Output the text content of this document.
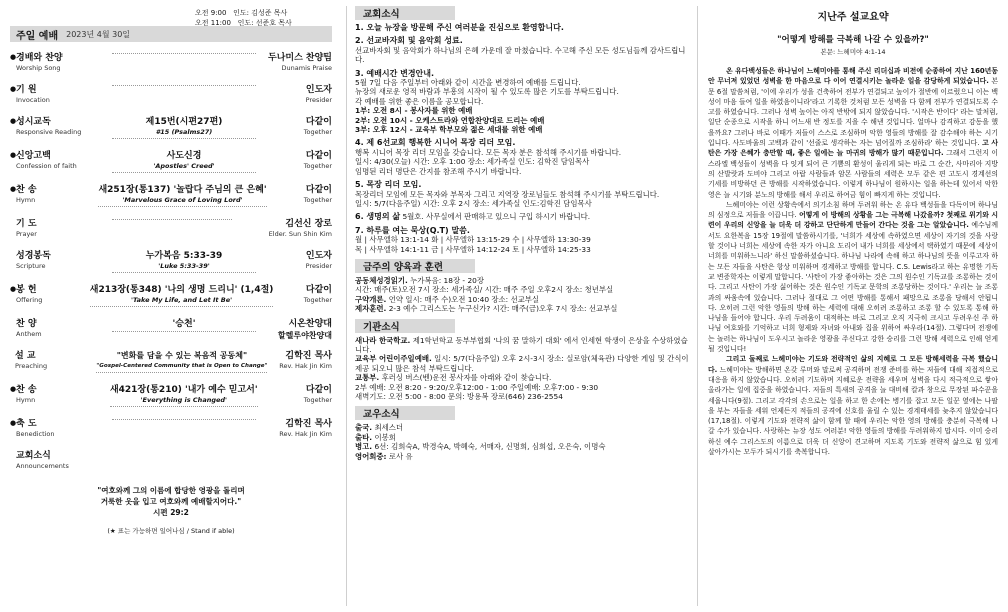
주일 예배 2023년 4월 30일
오전 9:00 인도: 김성준 목사
오전 11:00 인도: 선준호 목사
● 경배와 찬양
Worship Song
두나미스 찬양팀
Dunamis Praise
● 기 원
Invocation
인도자
Presider
● 성시교독
Responsive Reading
제15번(시편27편)
#15 (Psalms27)
다같이
Together
● 신앙고백
Confession of faith
사도신경
'Apostles' Creed'
다같이
Together
● 찬 송
Hymn
새251장(통137) '놀랍다 주님의 큰 은혜'
'Marvelous Grace of Loving Lord'
다같이
Together

기 도
Prayer
김선신 장로
Elder. Sun Shin Kim

성경봉독
Scripture
누가복음 5:33-39
'Luke 5:33-39'
인도자
Presider
● 봉 헌
Offering
새213장(통348) '나의 생명 드리니' (1,4절)
'Take My Life, and Let It Be'
다같이
Together

찬 양
Anthem
'승천'	시온찬양대
할렐루야찬양대

설 교
Preaching
"변화를 담을 수 있는 복음적 공동체"
"Gospel-Centered Community that is Open to Change"
김학진 목사
Rev. Hak Jin Kim
● 찬 송
Hymn
새421장(통210) '내가 예수 믿고서'
'Everything is Changed'
다같이
Together
● 축 도
Benediction
김학진 목사
Rev. Hak Jin Kim

교회소식
Announcements
"여호와께 그의 이름에 합당한 영광을 돌리며
거룩한 옷을 입고 여호와께 예배할지어다."
시편 29:2
(★ 표는 가능하면 일어나심 / Stand if able)
교회소식
1. 오늘 뉴장을 방문해 주신 여러분을 진심으로 환영합니다.
2. 선교바자회 및 음악회 성료.
선교바자회 및 음악회가 하나님의 은혜 가운데 잘 마쳤습니다. 수고해 주신 모든 성도님들께 감사드립니다.
3. 예배시간 변경안내.
5월 7일 다음 주일부터 아래와 같이 시간을 변경하여 예배를 드립니다.
뉴장의 새로운 영적 바람과 부흥의 시작이 될 수 있도록 많은 기도를 부탁드립니다.
각 예배를 위한 좋은 이름을 공모합니다.
1부: 오전 8시 - 봉사자를 위한 예배
2부: 오전 10시 - 오케스트라와 연합찬양대로 드리는 예배
3부: 오후 12시 - 교육부 학부모와 젊은 세대를 위한 예배
4. 제 6선교회 행복한 시니어 목장 리더 모임.
행복 시니어 목장 리더 모임을 갖습니다. 모든 목자 분은 참석해 주시기를 바랍니다.
일시: 4/30(오늘) 시간: 오후 1:00 장소: 세가족실 인도: 김학진 담임목사
임명된 리더 명단은 간지를 참조해 주시기 바랍니다.
5. 목장 리더 모임.
목장리더 모임에 모든 목자와 부목자 그리고 지역장 장로님들도 참석해 주시기를 부탁드립니다.
일시: 5/7(다음주일) 시간: 오후 2시 장소: 세가족실 인도:김학진 담임목사
6. 생명의 삶 5월호. 사무실에서 판매하고 있으니 구입 하시기 바랍니다.
7. 하루를 여는 묵상(Q.T) 말씀.
월 | 사무엘하 13:1-14 화 | 사무엘하 13:15-29 수 | 사무엘하 13:30-39
목 | 사무엘하 14:1-11 금 | 사무엘하 14:12-24 토 | 사무엘하 14:25-33
금주의 양육과 훈련
공동체성경읽기. 누가복음: 18장 - 20장
시간: 매주(토)오전 7시 장소: 세가족실/ 시간: 매주 주일 오후2시 장소: 청년부실
구약개론. 언약 일시: 매주 수)오전 10:40 장소: 선교부실
제자훈련. 2-3 예수 그리스도는 누구신가? 시간: 매주(금)오후 7시 장소: 선교부실
기관소식
새나라 한국학교. 제1학년학교 동부부협회 '나의 꿈 말하기 대회' 에서 인세현 학생이 은상을 수상하였습니다.
교육부 어린이주일예배. 일시: 5/7(다음주일) 오후 2시-3시 장소: 실로암(체육관) 다양한 게임 및 간식이 제공 되오니 많은 참석 부탁드립니다.
교통부. 후러싱 버스(벤)운전 봉사자를 아래와 같이 찾습니다.
2부 예배: 오전 8:20 - 9:20/오후12:00 - 1:00 주일예배: 오후7:00 - 9:30
새벽기도: 오전 5:00 - 8:00 문의: 방용복 장로(646) 236-2554
교우소식
출국. 최세스더
출타. 이봉희
병고. 6선: 김희숙A, 박경숙A, 박혜숙, 서매자, 신명희, 심희섭, 오은숙, 이명숙
영어회중: 로사 유
지난주 설교요약
"어떻게 방해를 극복해 나갈 수 있을까?"
본문: 느헤미야 4:1-14
온 유다백성들은 하나님이 느헤미야를 통해 주신 리더십과 비전에 순종하여 지난 160년동안 무너져 있었던 성벽을 한 마음으로 다 이어 연결시키는 놀라운 일을 감당하게 되었습니다. 본문 6절 말씀처럼, '이에 우리가 성을 건축하여 전부가 연결되고 높이가 절반에 이르렀으니 이는 백성이 마음 들여 일을 하였음이니라'라고 기록한 것처럼 모든 성벽을 다 함께 전부가 연결되도록 수고를 하였습니다. 그러나 성벽 높이는 아직 반밖에 되지 않았습니다. '시작은 반이다' 라는 말처럼, 일단 순종으로 시작을 하니 어느새 반 정도를 지을 수 해낸 것입니다. 얼마나 감격하고 감동을 했을까요? 그러나 바로 이때가 저들이 스스로 조심하며 악한 영들의 방해를 잘 감수해야 하는 시기입니다. 사도바울의 고백과 같이 '선줄로 생각하는 자는 넘어질까 조심하라' 하는 것입니다. 고 사탄은 가장 은혜가 충만할 때, 좋은 일에는 늘 마귀의 방해가 많기 때문입니다. 그래서 그런지 이스라엘 백성들이 성벽을 다 잇게 되어 큰 기쁨의 환성이 울리게 되는 바로 그 순간, 사마리아 지방의 산발랏과 도비야 그리고 아랍 사람들과 암몬 사람들의 세력은 모두 같은 편 고도시 경계선의 기세를 비방하던 큰 방해를 시작하였습니다. 이렇게 하나님이 원하시는 일을 하는데 있어서 악한 영은 늘 시기와 분노의 방해를 해서 우리로 하여금 힘이 빠지게 하는 것입니다.
느헤미야는 이런 상황속에서 의기소침 하며 두려워 하는 온 유다 백성들을 다독이며 하나님의 심정으로 저들을 이끕니다. 어떻게 이 방해의 상황을 그는 극복해 나갔을까? 첫째로 위기와 시련이 우리의 신앙을 늘 더욱 더 강하고 단단하게 만들어 간다는 것을 그는 알았습니다. 예수님께서도 요한복음 15장 19절에 말씀하시기를, '너희가 세상에 속하였으면 세상이 자기의 것을 사랑할 것이나 너희는 세상에 속한 자가 아니요 도리어 내가 너희를 세상에서 택하였기 때문에 세상이 너희를 미워하느니라' 하신 말씀하셨습니다. 하나님 나라에 속해 하고 하나님의 뜻을 이루고자 하는 모든 자들을 사탄은 항상 미워하며 경계하고 방해를 합니다. C.S. Lewis라고 하는 유명한 기독교 변증학자는 이렇게 말합니다. '사탄이 가장 좋아하는 것은 그의 원수인 기독교를 조롱하는 것이다. 그리고 사탄이 가장 싫어하는 것은 원수인 기독교 문학의 조롱당하는 것이다.' 우리는 늘 조롱과의 싸움속에 있습니다. 그러나 절대로 그 어떤 방해를 통해서 패망으로 조롱을 당해서 안됩니다. 오히려 그런 악한 영들의 방해 하는 세력에 대해 오히려 조롱하고 조롱 할 수 있도록 통해 하나님을 들어야 합니다. 우리 두려움이 대적하는 바로 그리고 오직 지극히 크시고 두려우신 주 하나님 여호와를 기억하고 너희 형제와 자녀와 아내와 집을 위하여 싸우라(14절). 그렇다며 전쟁에는 놀러는 하나님이 도우시고 놀라운 영광을 주신다고 강한 승리를 그런 방해 세력으로 인해 얻게 될 것입니다!
그리고 둘째로 느헤미야는 기도와 전략적인 삶의 지혜로 그 모든 방해세력을 극복 했습니다. 느헤미야는 방해하면 온갖 루머와 말로써 공격하며 전쟁 준비를 하는 저들에 대해 직접적으로 대응을 하지 않았습니다. 오히려 기도하며 지혜로운 전략을 세우며 성벽을 다시 적극적으로 쌓아 올라가는 일에 집중을 하였습니다. 저들의 특새의 공격을 늘 대비해 칼과 창으로 무장된 파수꾼을 세웁니다(9절). 그리고 각각의 손으로는 일을 하고 한 손에는 병기를 잡고 모든 일꾼 옆에는 나팔을 부는 자들을 세워 언제든지 적들의 공격에 신호를 울릴 수 있는 경계태세를 늦추지 않았습니다(17,18절). 이렇게 기도와 전략적 삶이 함께 할 때에 우리는 악한 영의 방해를 충분히 극복해 나갈 수가 있습니다. 사랑하는 뉴장 성도 여러분! 악한 영들의 방해를 두려워하지 맙시다. 이미 승리하신 예수 그리스도의 이름으로 더욱 더 신앙이 견고하며 지도록 기도와 전략적 삶으로 힘 있게 살아가시는 모두가 되시기를 축복합니다.
